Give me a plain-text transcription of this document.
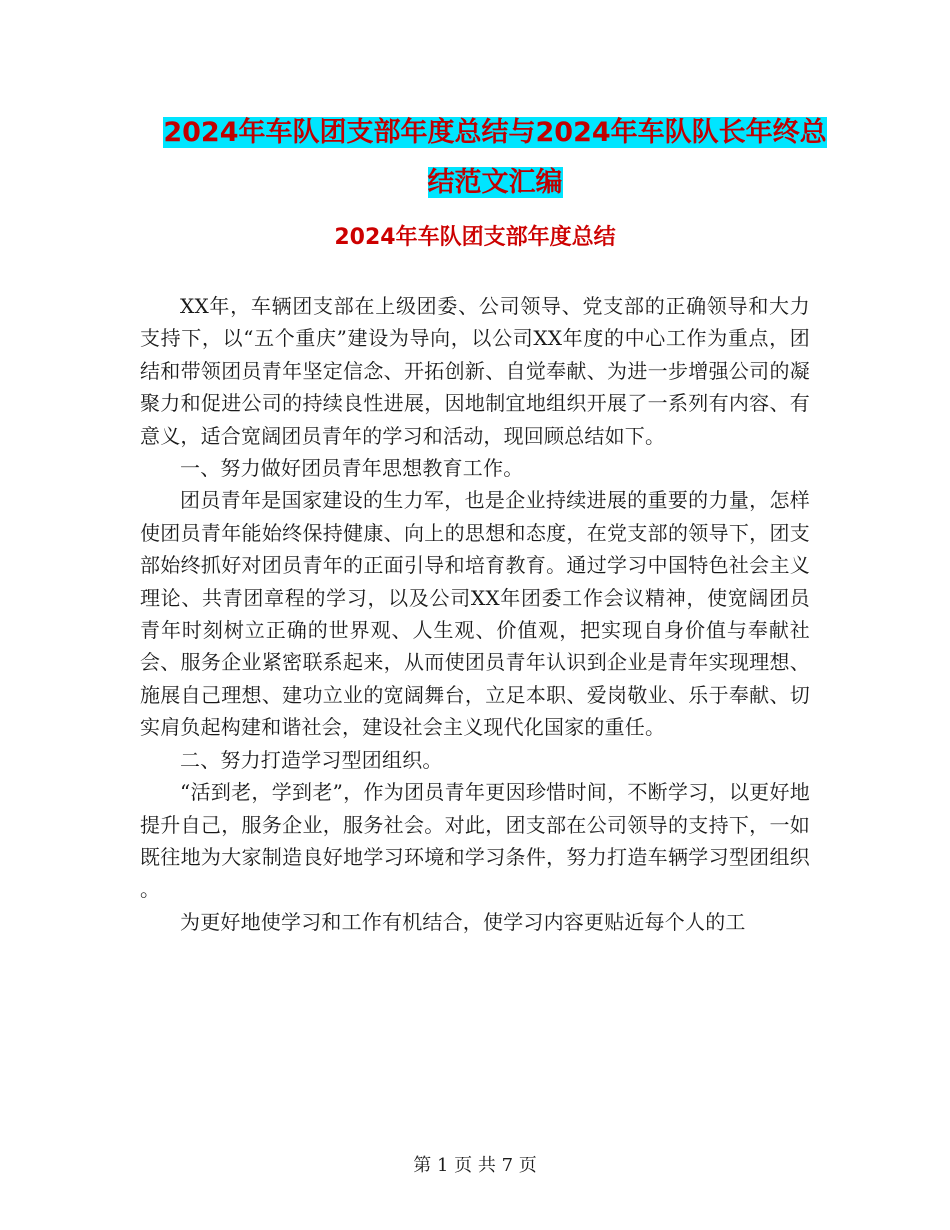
2024年车队团支部年度总结与2024年车队队长年终总
结范文汇编
2024年车队团支部年度总结

XX年，车辆团支部在上级团委、公司领导、党支部的正确领导和大力支持下，以“五个重庆”建设为导向，以公司XX年度的中心工作为重点，团结和带领团员青年坚定信念、开拓创新、自觉奉献、为进一步增强公司的凝聚力和促进公司的持续良性进展，因地制宜地组织开展了一系列有内容、有意义，适合宽阔团员青年的学习和活动，现回顾总结如下。

一、努力做好团员青年思想教育工作。

团员青年是国家建设的生力军，也是企业持续进展的重要的力量，怎样使团员青年能始终保持健康、向上的思想和态度，在党支部的领导下，团支部始终抓好对团员青年的正面引导和培育教育。通过学习中国特色社会主义理论、共青团章程的学习，以及公司XX年团委工作会议精神，使宽阔团员青年时刻树立正确的世界观、人生观、价值观，把实现自身价值与奉献社会、服务企业紧密联系起来，从而使团员青年认识到企业是青年实现理想、施展自己理想、建功立业的宽阔舞台，立足本职、爱岗敬业、乐于奉献、切实肩负起构建和谐社会，建设社会主义现代化国家的重任。

二、努力打造学习型团组织。

“活到老，学到老”，作为团员青年更因珍惜时间，不断学习，以更好地提升自己，服务企业，服务社会。对此，团支部在公司领导的支持下，一如既往地为大家制造良好地学习环境和学习条件，努力打造车辆学习型团组织 。

为更好地使学习和工作有机结合，使学习内容更贴近每个人的工

第 1 页 共 7 页
